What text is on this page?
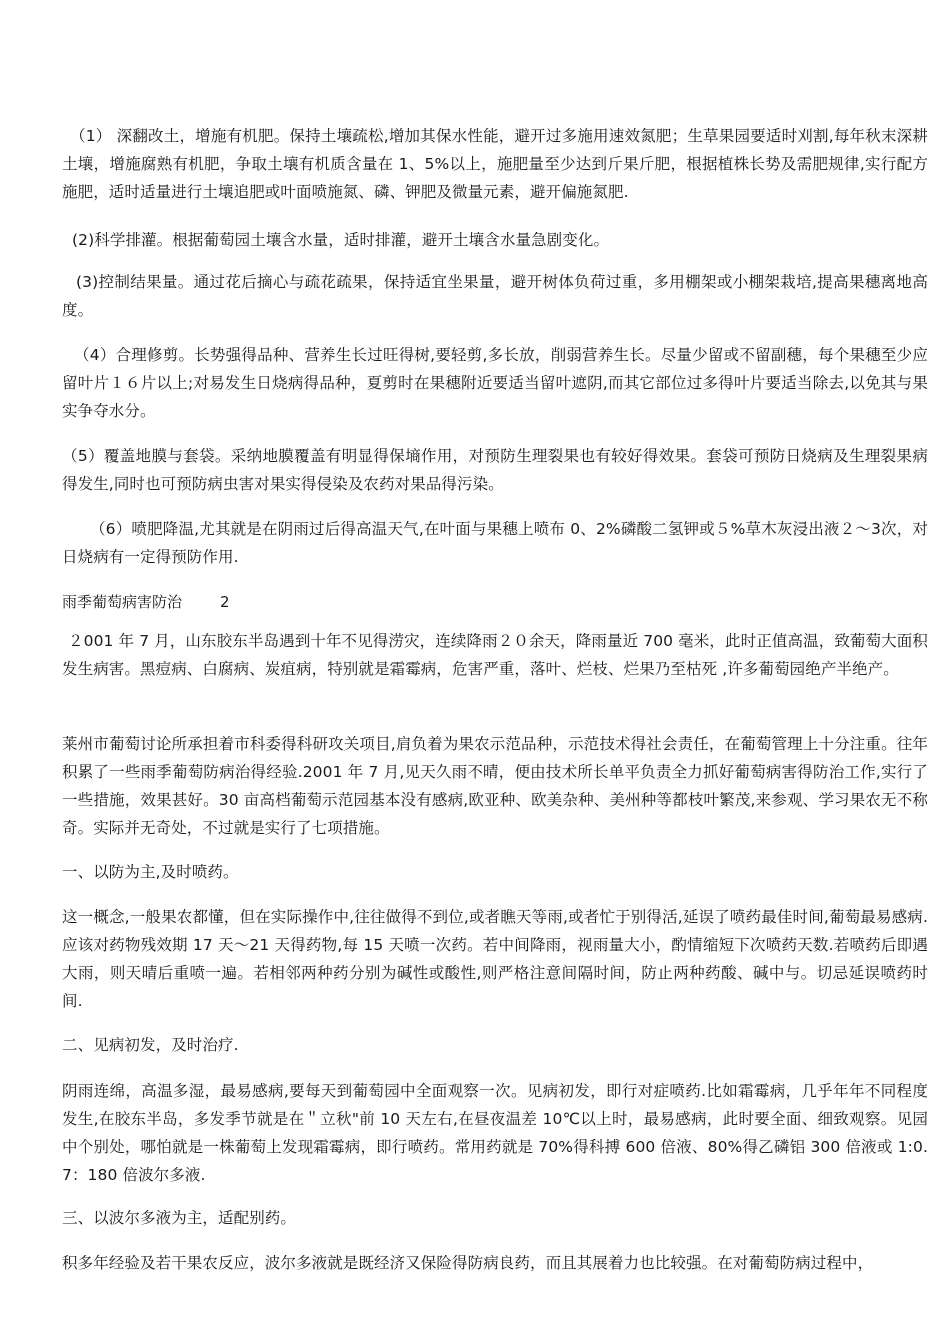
（1） 深翻改土，增施有机肥。保持土壤疏松,增加其保水性能，避开过多施用速效氮肥；生草果园要适时刈割,每年秋末深耕土壤，增施腐熟有机肥，争取土壤有机质含量在 1、5%以上，施肥量至少达到斤果斤肥，根据植株长势及需肥规律,实行配方施肥，适时适量进行土壤追肥或叶面喷施氮、磷、钾肥及微量元素，避开偏施氮肥.

(2)科学排灌。根据葡萄园土壤含水量，适时排灌，避开土壤含水量急剧变化。

(3)控制结果量。通过花后摘心与疏花疏果，保持适宜坐果量，避开树体负荷过重，多用棚架或小棚架栽培,提高果穗离地高度。

（4）合理修剪。长势强得品种、营养生长过旺得树,要轻剪,多长放，削弱营养生长。尽量少留或不留副穗，每个果穗至少应留叶片１６片以上;对易发生日烧病得品种，夏剪时在果穗附近要适当留叶遮阴,而其它部位过多得叶片要适当除去,以免其与果实争夺水分。

（5）覆盖地膜与套袋。采纳地膜覆盖有明显得保墒作用，对预防生理裂果也有较好得效果。套袋可预防日烧病及生理裂果病得发生,同时也可预防病虫害对果实得侵染及农药对果品得污染。

（6）喷肥降温,尤其就是在阴雨过后得高温天气,在叶面与果穗上喷布 0、2%磷酸二氢钾或５%草木灰浸出液２～3次，对日烧病有一定得预防作用.

雨季葡萄病害防治	2

２001 年 7 月，山东胶东半岛遇到十年不见得涝灾，连续降雨２０余天，降雨量近 700 毫米，此时正值高温，致葡萄大面积发生病害。黑痘病、白腐病、炭疽病，特别就是霜霉病，危害严重，落叶、烂枝、烂果乃至枯死 ,许多葡萄园绝产半绝产。

莱州市葡萄讨论所承担着市科委得科研攻关项目,肩负着为果农示范品种，示范技术得社会责任，在葡萄管理上十分注重。往年积累了一些雨季葡萄防病治得经验.2001 年 7 月,见天久雨不晴，便由技术所长单平负责全力抓好葡萄病害得防治工作,实行了一些措施，效果甚好。30 亩高档葡萄示范园基本没有感病,欧亚种、欧美杂种、美州种等都枝叶繁茂,来参观、学习果农无不称奇。实际并无奇处，不过就是实行了七项措施。

一、以防为主,及时喷药。

这一概念,一般果农都懂，但在实际操作中,往往做得不到位,或者瞧天等雨,或者忙于别得活,延误了喷药最佳时间,葡萄最易感病.应该对药物残效期 17 天～21 天得药物,每 15 天喷一次药。若中间降雨，视雨量大小，酌情缩短下次喷药天数.若喷药后即遇大雨，则天晴后重喷一遍。若相邻两种药分别为碱性或酸性,则严格注意间隔时间，防止两种药酸、碱中与。切忌延误喷药时间.

二、见病初发，及时治疗.

阴雨连绵，高温多湿，最易感病,要每天到葡萄园中全面观察一次。见病初发，即行对症喷药.比如霜霉病，几乎年年不同程度发生,在胶东半岛，多发季节就是在＂立秋"前 10 天左右,在昼夜温差 10℃以上时，最易感病，此时要全面、细致观察。见园中个别处，哪怕就是一株葡萄上发现霜霉病，即行喷药。常用药就是 70%得科搏 600 倍液、80%得乙磷铝 300 倍液或 1:0.7：180 倍波尔多液.

三、以波尔多液为主，适配别药。

积多年经验及若干果农反应，波尔多液就是既经济又保险得防病良药，而且其展着力也比较强。在对葡萄防病过程中，
